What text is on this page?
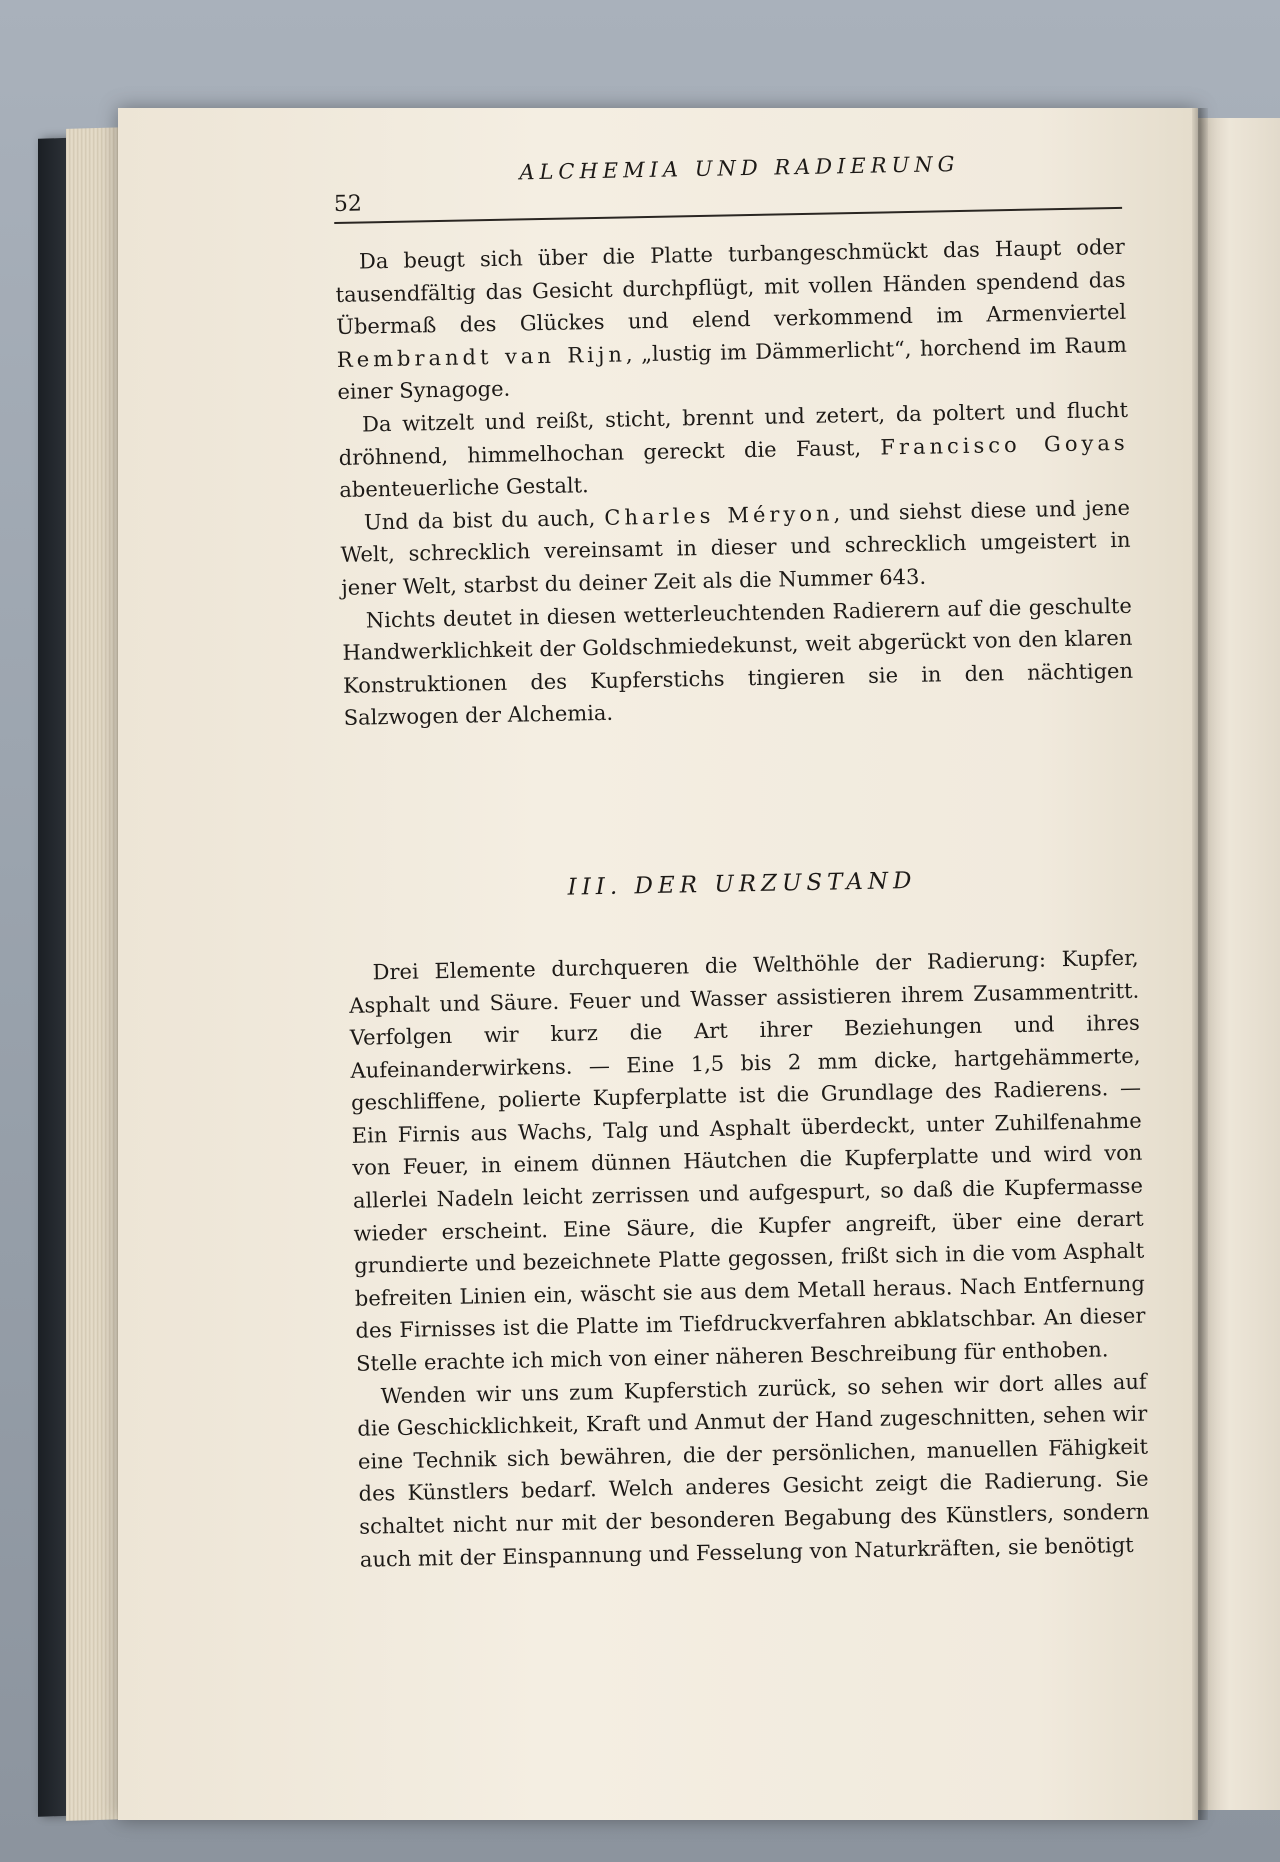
52
ALCHEMIA UND RADIERUNG

Da beugt sich über die Platte turbangeschmückt das Haupt oder tausendfältig das Gesicht durchpflügt, mit vollen Händen spendend das Übermaß des Glückes und elend verkommend im Armenviertel Rembrandt van Rijn, „lustig im Dämmerlicht“, horchend im Raum einer Synagoge.

Da witzelt und reißt, sticht, brennt und zetert, da poltert und flucht dröhnend, himmelhochan gereckt die Faust, Francisco Goyas abenteuerliche Gestalt.

Und da bist du auch, Charles Méryon, und siehst diese und jene Welt, schrecklich vereinsamt in dieser und schrecklich umgeistert in jener Welt, starbst du deiner Zeit als die Nummer 643.

Nichts deutet in diesen wetterleuchtenden Radierern auf die geschulte Handwerklichkeit der Goldschmiedekunst, weit abgerückt von den klaren Konstruktionen des Kupferstichs tingieren sie in den nächtigen Salzwogen der Alchemia.

III. DER URZUSTAND

Drei Elemente durchqueren die Welthöhle der Radierung: Kupfer, Asphalt und Säure. Feuer und Wasser assistieren ihrem Zusammentritt. Verfolgen wir kurz die Art ihrer Beziehungen und ihres Aufeinanderwirkens. — Eine 1,5 bis 2 mm dicke, hartgehämmerte, geschliffene, polierte Kupferplatte ist die Grundlage des Radierens. — Ein Firnis aus Wachs, Talg und Asphalt überdeckt, unter Zuhilfenahme von Feuer, in einem dünnen Häutchen die Kupferplatte und wird von allerlei Nadeln leicht zerrissen und aufgespurt, so daß die Kupfermasse wieder erscheint. Eine Säure, die Kupfer angreift, über eine derart grundierte und bezeichnete Platte gegossen, frißt sich in die vom Asphalt befreiten Linien ein, wäscht sie aus dem Metall heraus. Nach Entfernung des Firnisses ist die Platte im Tiefdruckverfahren abklatschbar. An dieser Stelle erachte ich mich von einer näheren Beschreibung für enthoben.

Wenden wir uns zum Kupferstich zurück, so sehen wir dort alles auf die Geschicklichkeit, Kraft und Anmut der Hand zugeschnitten, sehen wir eine Technik sich bewähren, die der persönlichen, manuellen Fähigkeit des Künstlers bedarf. Welch anderes Gesicht zeigt die Radierung. Sie schaltet nicht nur mit der besonderen Begabung des Künstlers, sondern auch mit der Einspannung und Fesselung von Naturkräften, sie benötigt
